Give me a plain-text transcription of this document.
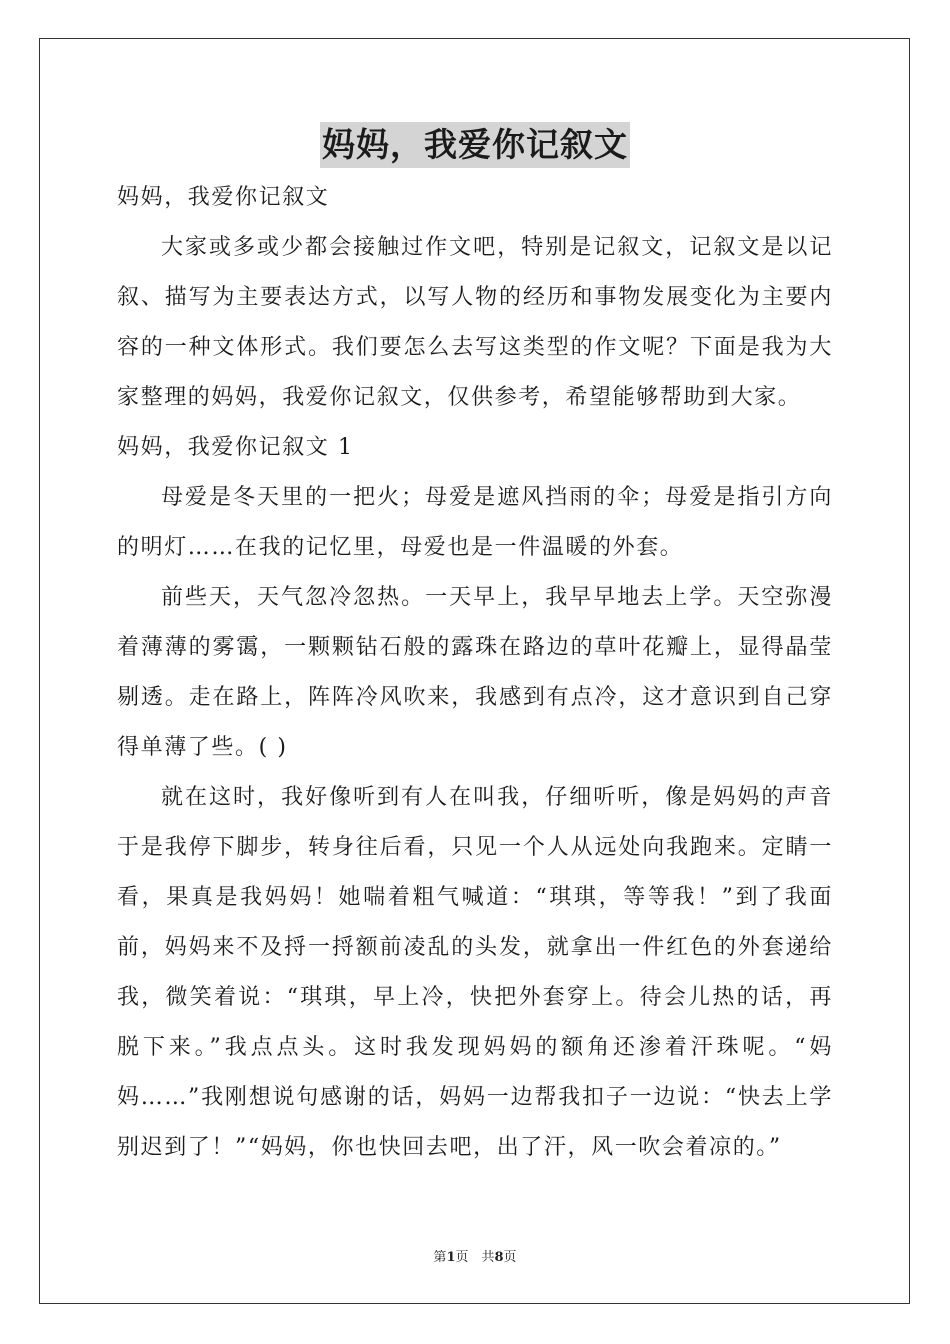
妈妈，我爱你记叙文

妈妈，我爱你记叙文

大家或多或少都会接触过作文吧，特别是记叙文，记叙文是以记叙、描写为主要表达方式，以写人物的经历和事物发展变化为主要内容的一种文体形式。我们要怎么去写这类型的作文呢？下面是我为大家整理的妈妈，我爱你记叙文，仅供参考，希望能够帮助到大家。

妈妈，我爱你记叙文 1

母爱是冬天里的一把火；母爱是遮风挡雨的伞；母爱是指引方向的明灯……在我的记忆里，母爱也是一件温暖的外套。

前些天，天气忽冷忽热。一天早上，我早早地去上学。天空弥漫着薄薄的雾霭，一颗颗钻石般的露珠在路边的草叶花瓣上，显得晶莹剔透。走在路上，阵阵冷风吹来，我感到有点冷，这才意识到自己穿得单薄了些。( )

就在这时，我好像听到有人在叫我，仔细听听，像是妈妈的声音于是我停下脚步，转身往后看，只见一个人从远处向我跑来。定睛一看，果真是我妈妈！她喘着粗气喊道：“琪琪，等等我！”到了我面前，妈妈来不及捋一捋额前凌乱的头发，就拿出一件红色的外套递给我，微笑着说：“琪琪，早上冷，快把外套穿上。待会儿热的话，再脱下来。”我点点头。这时我发现妈妈的额角还渗着汗珠呢。“妈妈……”我刚想说句感谢的话，妈妈一边帮我扣子一边说：“快去上学别迟到了！”“妈妈，你也快回去吧，出了汗，风一吹会着凉的。”

第1页　共8页
